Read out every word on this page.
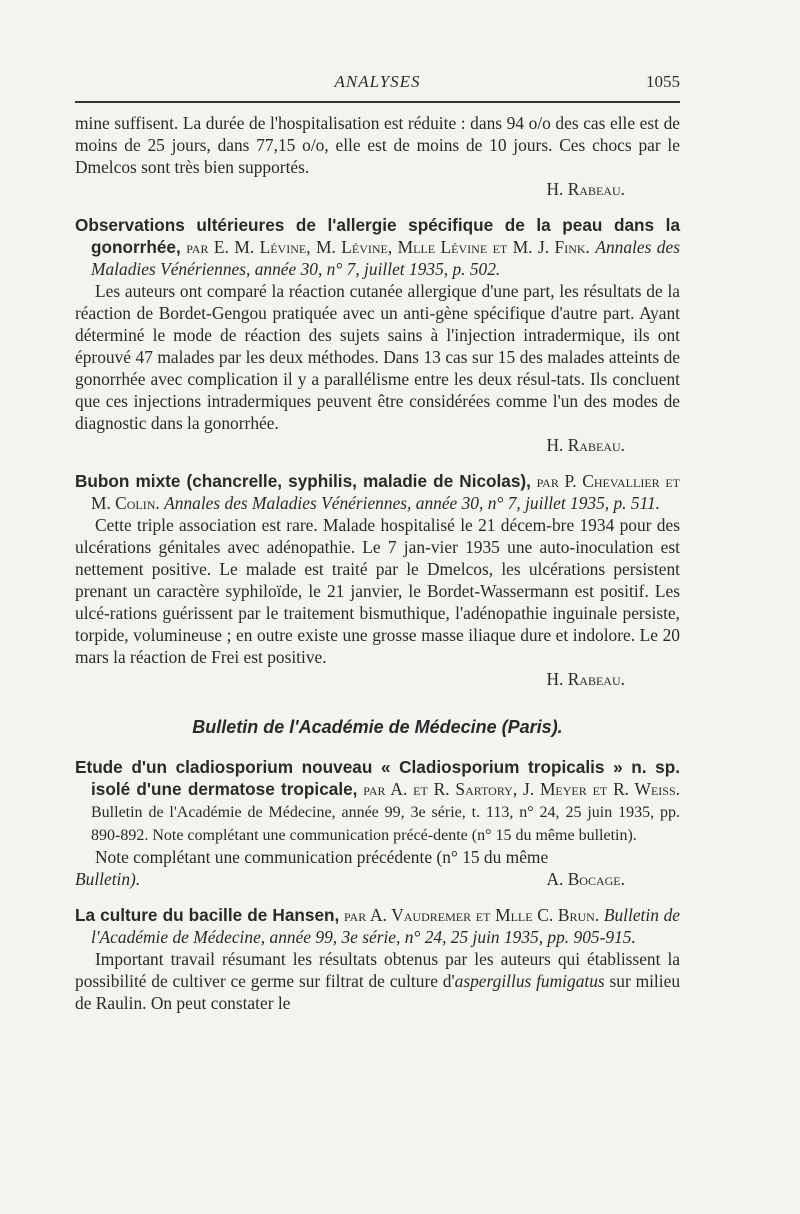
ANALYSES	1055

mine suffisent. La durée de l'hospitalisation est réduite : dans 94 o/o des cas elle est de moins de 25 jours, dans 77,15 o/o, elle est de moins de 10 jours. Ces chocs par le Dmelcos sont très bien supportés.

H. Rabeau.

Observations ultérieures de l'allergie spécifique de la peau dans la gonorrhée, par E. M. Lévine, M. Lévine, Mlle Lévine et M. J. Fink. Annales des Maladies Vénériennes, année 30, n° 7, juillet 1935, p. 502.

Les auteurs ont comparé la réaction cutanée allergique d'une part, les résultats de la réaction de Bordet-Gengou pratiquée avec un anti-gène spécifique d'autre part. Ayant déterminé le mode de réaction des sujets sains à l'injection intradermique, ils ont éprouvé 47 malades par les deux méthodes. Dans 13 cas sur 15 des malades atteints de gonorrhée avec complication il y a parallélisme entre les deux résul-tats. Ils concluent que ces injections intradermiques peuvent être considérées comme l'un des modes de diagnostic dans la gonorrhée.

H. Rabeau.

Bubon mixte (chancrelle, syphilis, maladie de Nicolas), par P. Chevallier et M. Colin. Annales des Maladies Vénériennes, année 30, n° 7, juillet 1935, p. 511.

Cette triple association est rare. Malade hospitalisé le 21 décem-bre 1934 pour des ulcérations génitales avec adénopathie. Le 7 jan-vier 1935 une auto-inoculation est nettement positive. Le malade est traité par le Dmelcos, les ulcérations persistent prenant un caractère syphiloïde, le 21 janvier, le Bordet-Wassermann est positif. Les ulcé-rations guérissent par le traitement bismuthique, l'adénopathie inguinale persiste, torpide, volumineuse ; en outre existe une grosse masse iliaque dure et indolore. Le 20 mars la réaction de Frei est positive.

H. Rabeau.

Bulletin de l'Académie de Médecine (Paris).

Etude d'un cladiosporium nouveau « Cladiosporium tropicalis » n. sp. isolé d'une dermatose tropicale, par A. et R. Sartory, J. Meyer et R. Weiss. Bulletin de l'Académie de Médecine, année 99, 3e série, t. 113, n° 24, 25 juin 1935, pp. 890-892. Note complétant une communication précé-dente (n° 15 du même bulletin).

Note complétant une communication précédente (n° 15 du même

Bulletin).	A. Bocage.

La culture du bacille de Hansen, par A. Vaudremer et Mlle C. Brun. Bulletin de l'Académie de Médecine, année 99, 3e série, n° 24, 25 juin 1935, pp. 905-915.

Important travail résumant les résultats obtenus par les auteurs qui établissent la possibilité de cultiver ce germe sur filtrat de culture d'aspergillus fumigatus sur milieu de Raulin. On peut constater le
